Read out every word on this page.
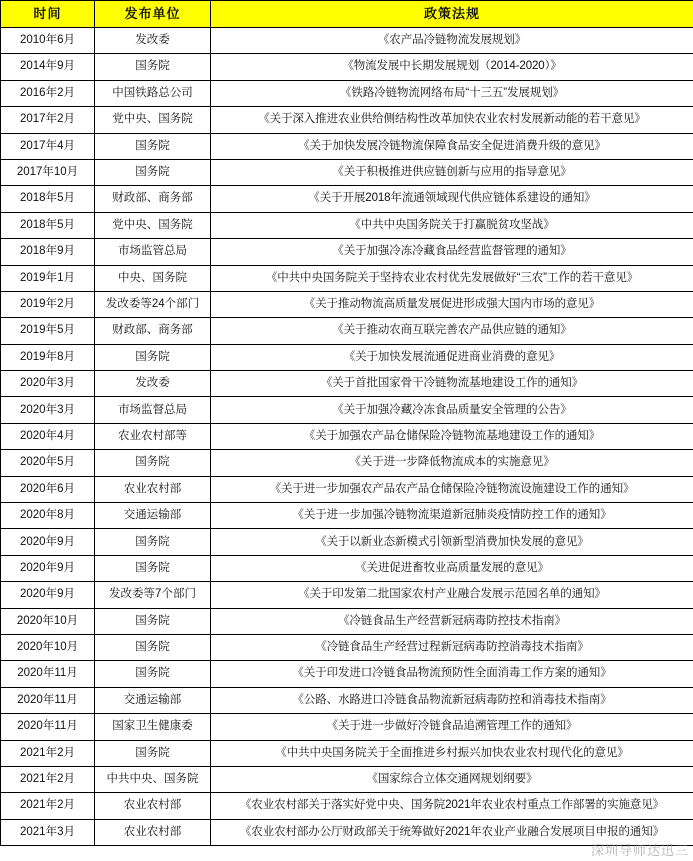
时间	发布单位	政策法规
2010年6月	发改委	《农产品冷链物流发展规划》
2014年9月	国务院	《物流发展中长期发展规划（2014-2020）》
2016年2月	中国铁路总公司	《铁路冷链物流网络布局“十三五”发展规划》
2017年2月	党中央、国务院	《关于深入推进农业供给侧结构性改革加快农业农村发展新动能的若干意见》
2017年4月	国务院	《关于加快发展冷链物流保障食品安全促进消费升级的意见》
2017年10月	国务院	《关于积极推进供应链创新与应用的指导意见》
2018年5月	财政部、商务部	《关于开展2018年流通领域现代供应链体系建设的通知》
2018年5月	党中央、国务院	《中共中央国务院关于打赢脱贫攻坚战》
2018年9月	市场监管总局	《关于加强冷冻冷藏食品经营监督管理的通知》
2019年1月	中央、国务院	《中共中央国务院关于坚持农业农村优先发展做好“三农”工作的若干意见》
2019年2月	发改委等24个部门	《关于推动物流高质量发展促进形成强大国内市场的意见》
2019年5月	财政部、商务部	《关于推动农商互联完善农产品供应链的通知》
2019年8月	国务院	《关于加快发展流通促进商业消费的意见》
2020年3月	发改委	《关于首批国家骨干冷链物流基地建设工作的通知》
2020年3月	市场监督总局	《关于加强冷藏冷冻食品质量安全管理的公告》
2020年4月	农业农村部等	《关于加强农产品仓储保险冷链物流基地建设工作的通知》
2020年5月	国务院	《关于进一步降低物流成本的实施意见》
2020年6月	农业农村部	《关于进一步加强农产品农产品仓储保险冷链物流设施建设工作的通知》
2020年8月	交通运输部	《关于进一步加强冷链物流渠道新冠肺炎疫情防控工作的通知》
2020年9月	国务院	《关于以新业态新模式引领新型消费加快发展的意见》
2020年9月	国务院	《关进促进畜牧业高质量发展的意见》
2020年9月	发改委等7个部门	《关于印发第二批国家农村产业融合发展示范园名单的通知》
2020年10月	国务院	《冷链食品生产经营新冠病毒防控技术指南》
2020年10月	国务院	《冷链食品生产经营过程新冠病毒防控消毒技术指南》
2020年11月	国务院	《关于印发进口冷链食品物流预防性全面消毒工作方案的通知》
2020年11月	交通运输部	《公路、水路进口冷链食品物流新冠病毒防控和消毒技术指南》
2020年11月	国家卫生健康委	《关于进一步做好冷链食品追溯管理工作的通知》
2021年2月	国务院	《中共中央国务院关于全面推进乡村振兴加快农业农村现代化的意见》
2021年2月	中共中央、国务院	《国家综合立体交通网规划纲要》
2021年2月	农业农村部	《农业农村部关于落实好党中央、国务院2021年农业农村重点工作部署的实施意见》
2021年3月	农业农村部	《农业农村部办公厅财政部关于统筹做好2021年农业产业融合发展项目申报的通知》
深圳导师达迅三
